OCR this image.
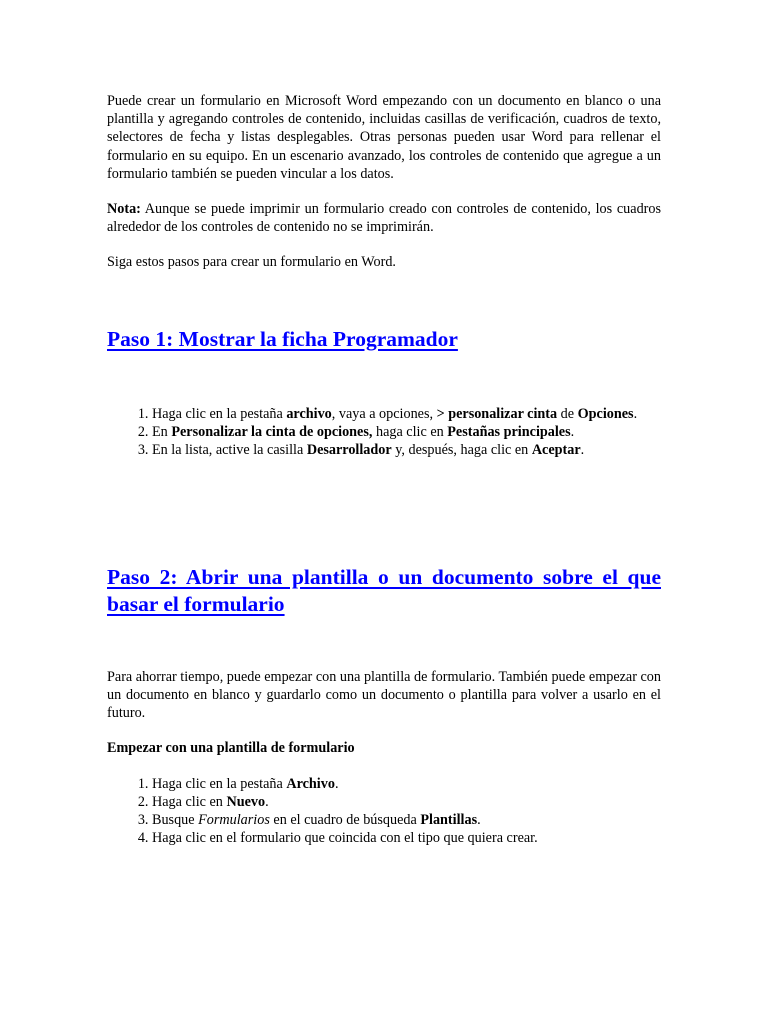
Puede crear un formulario en Microsoft Word empezando con un documento en blanco o una plantilla y agregando controles de contenido, incluidas casillas de verificación, cuadros de texto, selectores de fecha y listas desplegables. Otras personas pueden usar Word para rellenar el formulario en su equipo. En un escenario avanzado, los controles de contenido que agregue a un formulario también se pueden vincular a los datos.

Nota: Aunque se puede imprimir un formulario creado con controles de contenido, los cuadros alrededor de los controles de contenido no se imprimirán.

Siga estos pasos para crear un formulario en Word.

Paso 1: Mostrar la ficha Programador
1. Haga clic en la pestaña archivo, vaya a opciones, > personalizar cinta de Opciones.
2. En Personalizar la cinta de opciones, haga clic en Pestañas principales.
3. En la lista, active la casilla Desarrollador y, después, haga clic en Aceptar.
Paso 2: Abrir una plantilla o un documento sobre el que basar el formulario

Para ahorrar tiempo, puede empezar con una plantilla de formulario. También puede empezar con un documento en blanco y guardarlo como un documento o plantilla para volver a usarlo en el futuro.

Empezar con una plantilla de formulario

1. Haga clic en la pestaña Archivo.
2. Haga clic en Nuevo.
3. Busque Formularios en el cuadro de búsqueda Plantillas.
4. Haga clic en el formulario que coincida con el tipo que quiera crear.
